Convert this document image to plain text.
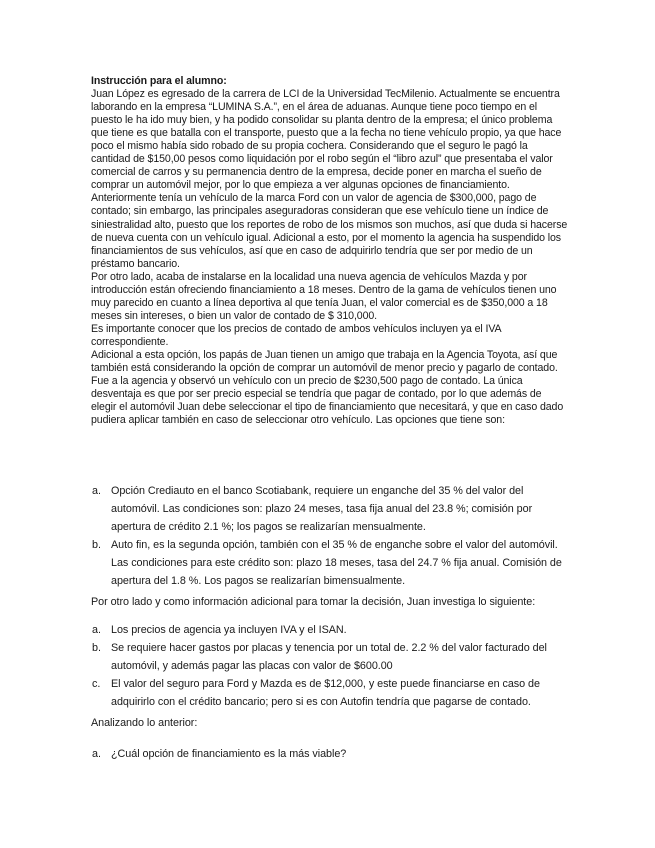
Instrucción para el alumno:

Juan López es egresado de la carrera de LCI de la Universidad TecMilenio. Actualmente se encuentra laborando en la empresa “LUMINA S.A.”, en el área de aduanas. Aunque tiene poco tiempo en el puesto le ha ido muy bien, y ha podido consolidar su planta dentro de la empresa; el único problema que tiene es que batalla con el transporte, puesto que a la fecha no tiene vehículo propio, ya que hace poco el mismo había sido robado de su propia cochera. Considerando que el seguro le pagó la cantidad de $150,00 pesos como liquidación por el robo según el “libro azul” que presentaba el valor comercial de carros y su permanencia dentro de la empresa, decide poner en marcha el sueño de comprar un automóvil mejor, por lo que empieza a ver algunas opciones de financiamiento.

Anteriormente tenía un vehículo de la marca Ford con un valor de agencia de $300,000, pago de contado; sin embargo, las principales aseguradoras consideran que ese vehículo tiene un índice de siniestralidad alto, puesto que los reportes de robo de los mismos son muchos, así que duda si hacerse de nueva cuenta con un vehículo igual. Adicional a esto, por el momento la agencia ha suspendido los financiamientos de sus vehículos, así que en caso de adquirirlo tendría que ser por medio de un préstamo bancario.

Por otro lado, acaba de instalarse en la localidad una nueva agencia de vehículos Mazda y por introducción están ofreciendo financiamiento a 18 meses. Dentro de la gama de vehículos tienen uno muy parecido en cuanto a línea deportiva al que tenía Juan, el valor comercial es de $350,000 a 18 meses sin intereses, o bien un valor de contado de $ 310,000.

Es importante conocer que los precios de contado de ambos vehículos incluyen ya el IVA correspondiente.

Adicional a esta opción, los papás de Juan tienen un amigo que trabaja en la Agencia Toyota, así que también está considerando la opción de comprar un automóvil de menor precio y pagarlo de contado. Fue a la agencia y observó un vehículo con un precio de $230,500 pago de contado. La única desventaja es que por ser precio especial se tendría que pagar de contado, por lo que además de elegir el automóvil Juan debe seleccionar el tipo de financiamiento que necesitará, y que en caso dado pudiera aplicar también en caso de seleccionar otro vehículo. Las opciones que tiene son:

a. Opción Crediauto en el banco Scotiabank, requiere un enganche del 35 % del valor del automóvil. Las condiciones son: plazo 24 meses, tasa fija anual del 23.8 %; comisión por apertura de crédito 2.1 %; los pagos se realizarían mensualmente.
b. Auto fin, es la segunda opción, también con el 35 % de enganche sobre el valor del automóvil. Las condiciones para este crédito son: plazo 18 meses, tasa del 24.7 % fija anual. Comisión de apertura del 1.8 %. Los pagos se realizarían bimensualmente.

Por otro lado y como información adicional para tomar la decisión, Juan investiga lo siguiente:

a. Los precios de agencia ya incluyen IVA y el ISAN.
b. Se requiere hacer gastos por placas y tenencia por un total de. 2.2 % del valor facturado del automóvil, y además pagar las placas con valor de $600.00
c. El valor del seguro para Ford y Mazda es de $12,000, y este puede financiarse en caso de adquirirlo con el crédito bancario; pero si es con Autofin tendría que pagarse de contado.

Analizando lo anterior:

a. ¿Cuál opción de financiamiento es la más viable?
